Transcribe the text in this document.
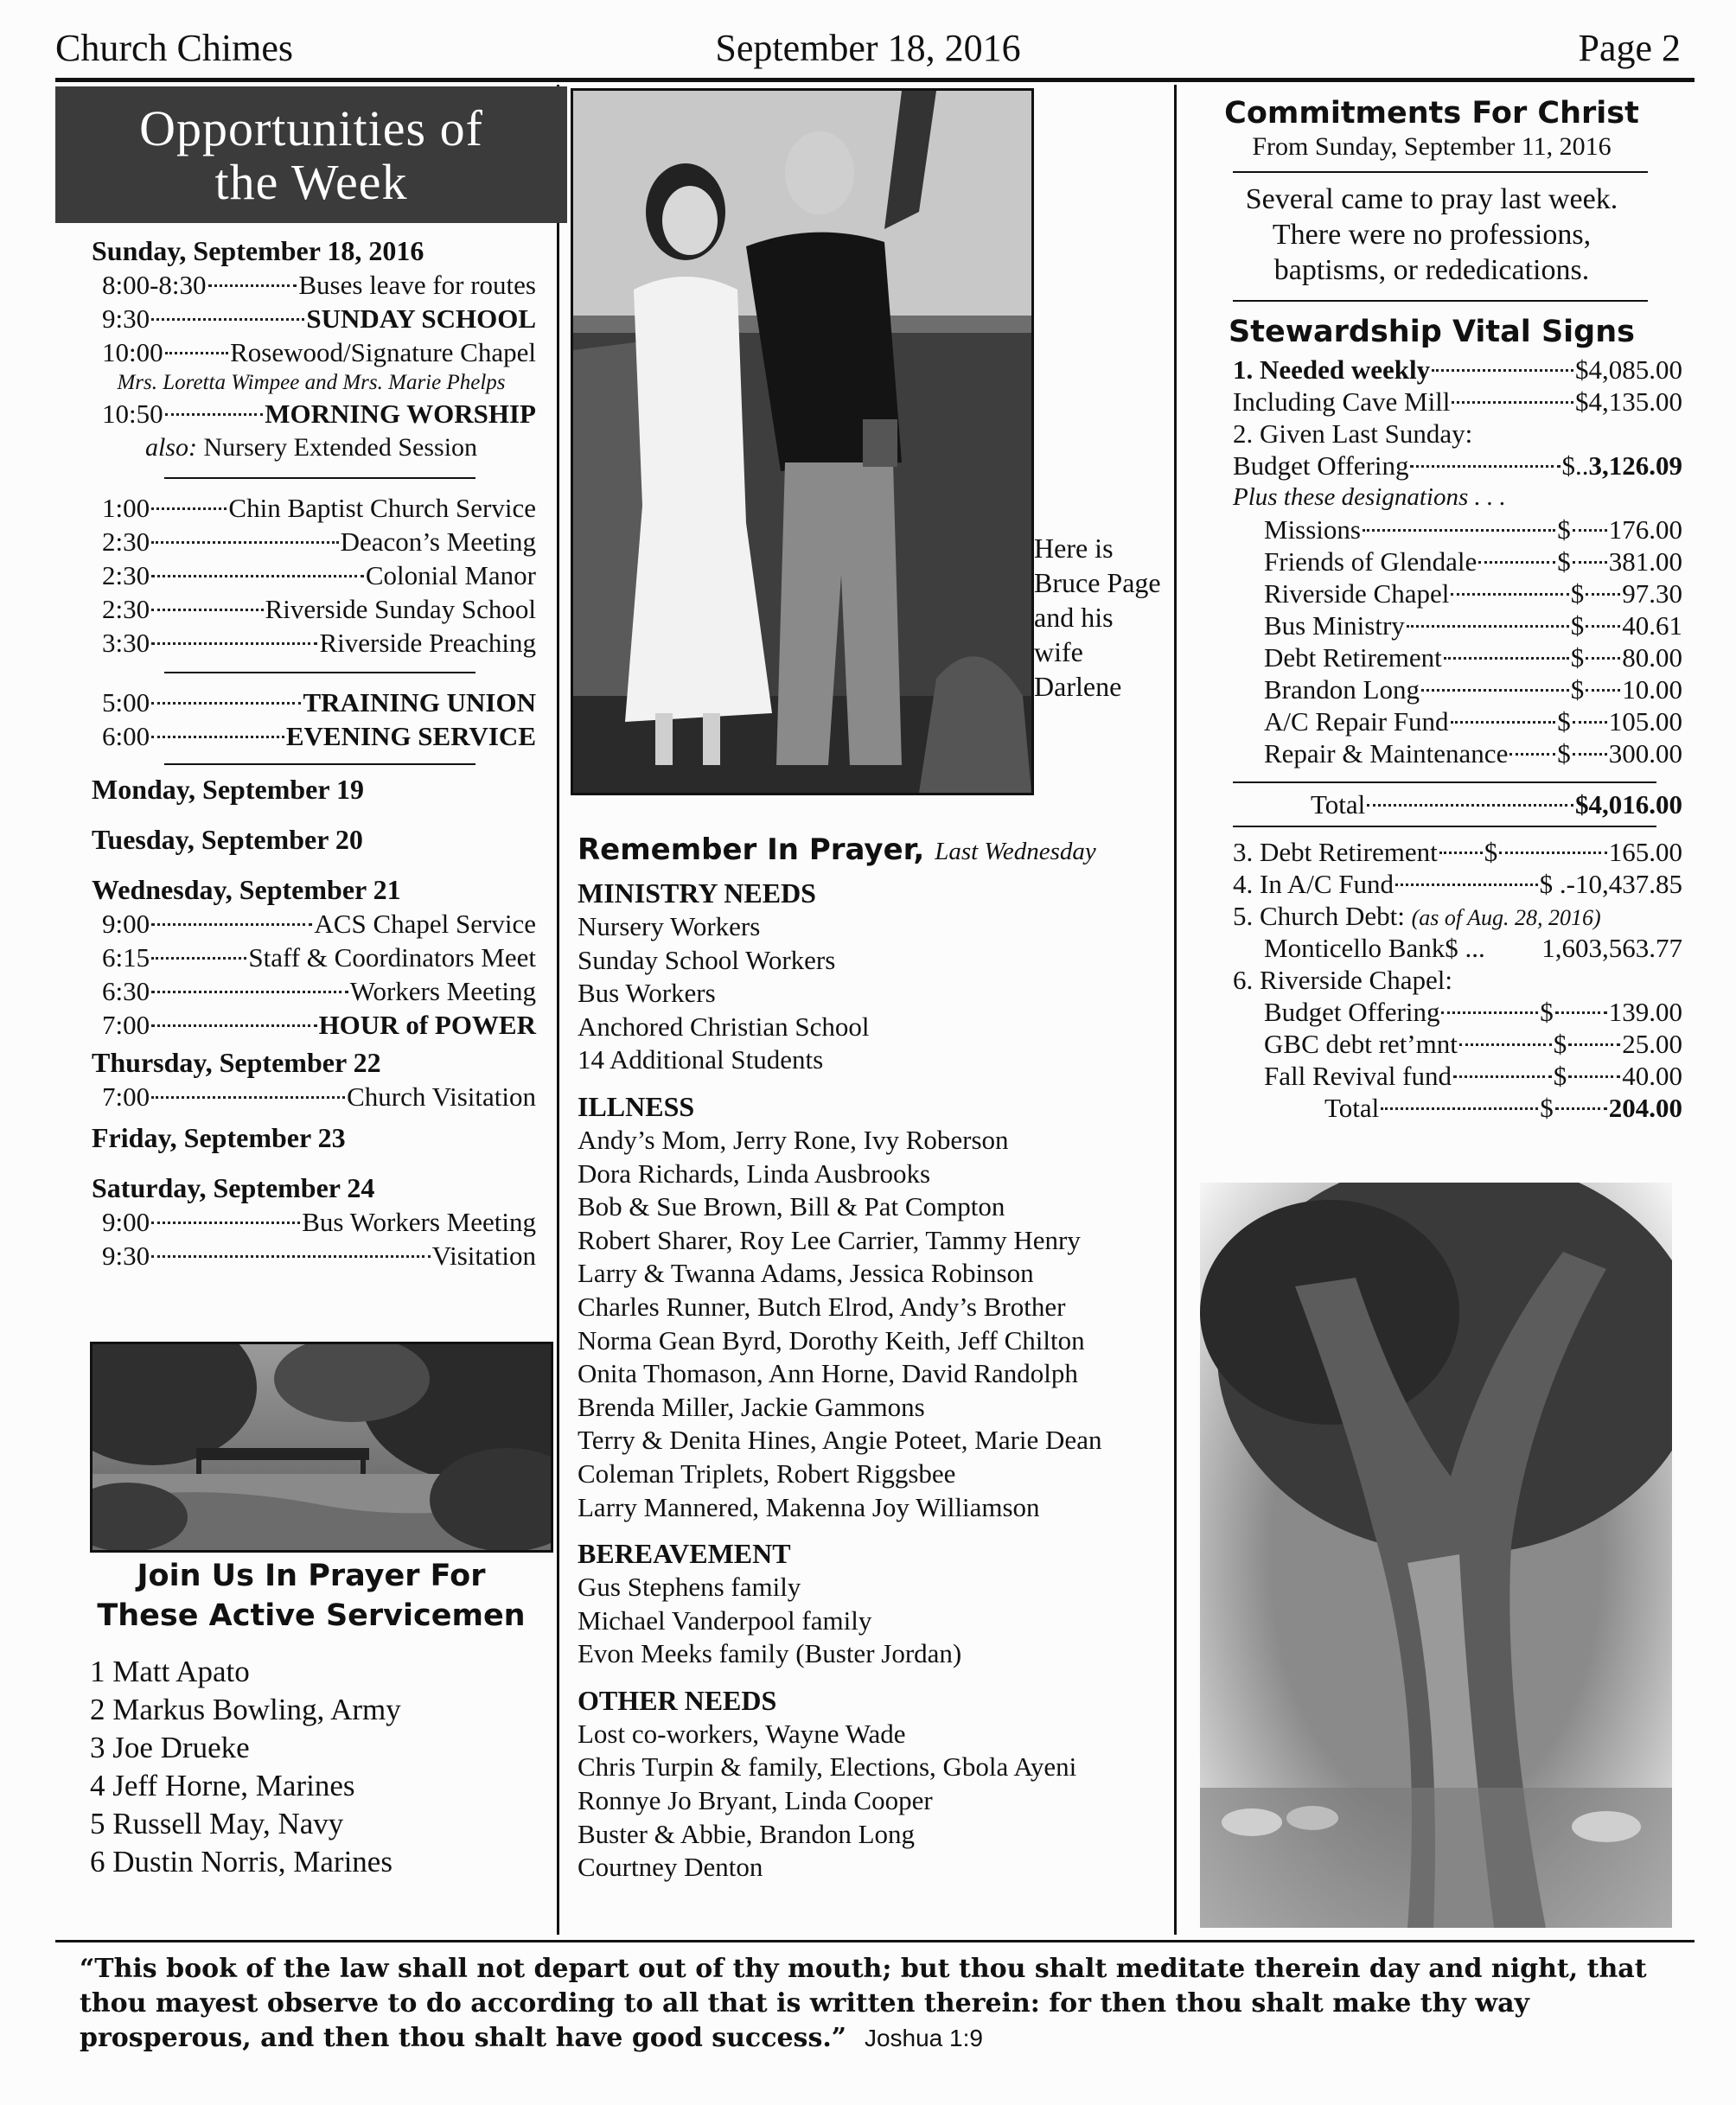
Church Chimes	September 18, 2016	Page 2
Opportunities of
the Week
Sunday, September 18, 2016
8:00-8:30	Buses leave for routes
9:30	SUNDAY SCHOOL
10:00	Rosewood/Signature Chapel
Mrs. Loretta Wimpee and Mrs. Marie Phelps
10:50	MORNING WORSHIP
also: Nursery Extended Session
1:00	Chin Baptist Church Service
2:30	Deacon’s Meeting
2:30	Colonial Manor
2:30	Riverside Sunday School
3:30	Riverside Preaching
5:00	TRAINING UNION
6:00	EVENING SERVICE
Monday, September 19
Tuesday, September 20
Wednesday, September 21
9:00	ACS Chapel Service
6:15	Staff & Coordinators Meet
6:30	Workers Meeting
7:00	HOUR of POWER
Thursday, September 22
7:00	Church Visitation
Friday, September 23
Saturday, September 24
9:00	Bus Workers Meeting
9:30	Visitation
Join Us In Prayer For
These Active Servicemen
1 Matt Apato
2 Markus Bowling, Army
3 Joe Drueke
4 Jeff Horne, Marines
5 Russell May, Navy
6 Dustin Norris, Marines
Here is
Bruce Page
and his
wife
Darlene
Remember In Prayer, Last Wednesday
MINISTRY NEEDS
Nursery Workers
Sunday School Workers
Bus Workers
Anchored Christian School
14 Additional Students
ILLNESS
Andy’s Mom, Jerry Rone, Ivy Roberson
Dora Richards, Linda Ausbrooks
Bob & Sue Brown, Bill & Pat Compton
Robert Sharer, Roy Lee Carrier, Tammy Henry
Larry & Twanna Adams, Jessica Robinson
Charles Runner, Butch Elrod, Andy’s Brother
Norma Gean Byrd, Dorothy Keith, Jeff Chilton
Onita Thomason, Ann Horne, David Randolph
Brenda Miller, Jackie Gammons
Terry & Denita Hines, Angie Poteet, Marie Dean
Coleman Triplets, Robert Riggsbee
Larry Mannered, Makenna Joy Williamson
BEREAVEMENT
Gus Stephens family
Michael Vanderpool family
Evon Meeks family (Buster Jordan)
OTHER NEEDS
Lost co-workers, Wayne Wade
Chris Turpin & family, Elections, Gbola Ayeni
Ronnye Jo Bryant, Linda Cooper
Buster & Abbie, Brandon Long
Courtney Denton
Commitments For Christ
From Sunday, September 11, 2016
Several came to pray last week.
There were no professions,
baptisms, or rededications.
Stewardship Vital Signs
1. Needed weekly	$4,085.00
Including Cave Mill	$4,135.00
2. Given Last Sunday:
Budget Offering	$.. 3,126.09
Plus these designations . . .
Missions	$ 176.00
Friends of Glendale	$ 381.00
Riverside Chapel	$ 97.30
Bus Ministry	$ 40.61
Debt Retirement	$ 80.00
Brandon Long	$ 10.00
A/C Repair Fund	$ 105.00
Repair & Maintenance $ 300.00
Total	$4,016.00
3. Debt Retirement $	165.00
4. In A/C Fund	$ . -10,437.85
5. Church Debt: (as of Aug. 28, 2016)
Monticello Bank$ ... 1,603,563.77
6. Riverside Chapel:
Budget Offering	$ 139.00
GBC debt ret’mnt	$ 25.00
Fall Revival fund	$ 40.00
Total	$ 204.00
“This book of the law shall not depart out of thy mouth; but thou shalt meditate therein day and night, that thou mayest observe to do according to all that is written therein: for then thou shalt make thy way prosperous, and then thou shalt have good success.” Joshua 1:9
